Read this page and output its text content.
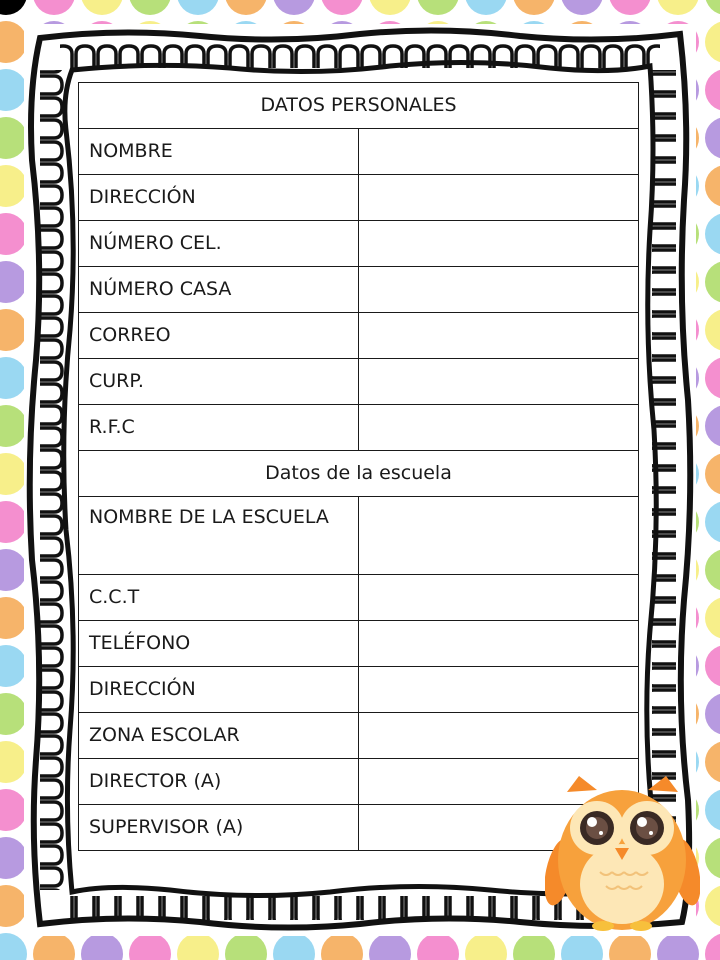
DATOS PERSONALES	
NOMBRE	
DIRECCIÓN	
NÚMERO CEL.	
NÚMERO CASA	
CORREO	
CURP.	
R.F.C	
Datos de la escuela	
NOMBRE DE LA ESCUELA	
C.C.T	
TELÉFONO	
DIRECCIÓN	
ZONA ESCOLAR	
DIRECTOR (A)	
SUPERVISOR (A)	
